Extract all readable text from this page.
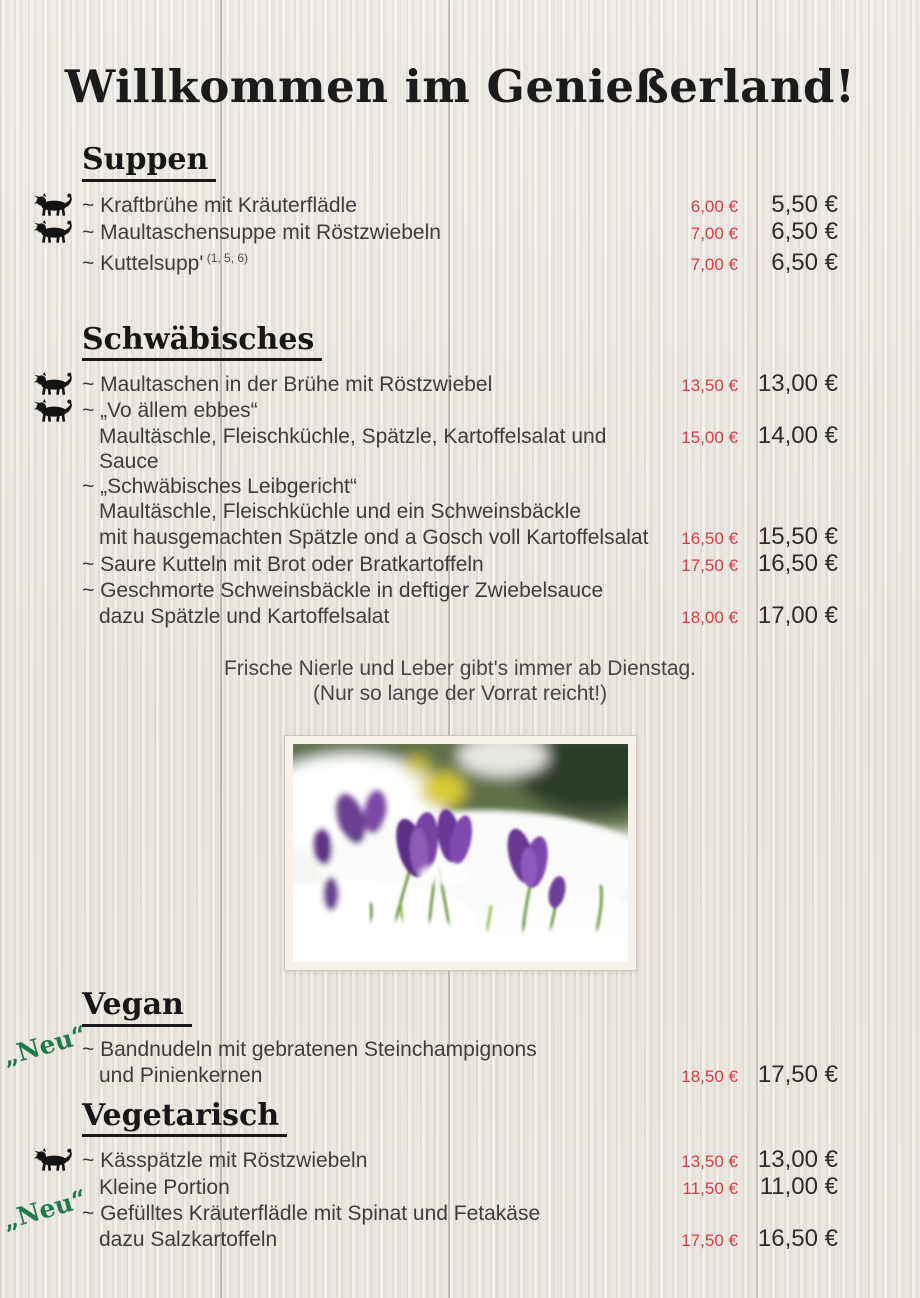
Willkommen im Genießerland!
Suppen
~ Kraftbrühe mit Kräuterflädle	6,00 €	5,50 €
~ Maultaschensuppe mit Röstzwiebeln	7,00 €	6,50 €
~ Kuttelsupp' $^{(1, 5, 6)}$	7,00 €	6,50 €
Schwäbisches
~ Maultaschen in der Brühe mit Röstzwiebel	13,50 € 13,00 €
~ „Vo ällem ebbes“
Maultäschle, Fleischküchle, Spätzle, Kartoffelsalat und Sauce
15,00 € 14,00 €
~ „Schwäbisches Leibgericht“
Maultäschle, Fleischküchle und ein Schweinsbäckle
mit hausgemachten Spätzle ond a Gosch voll Kartoffelsalat	16,50 € 15,50 €
~ Saure Kutteln mit Brot oder Bratkartoffeln	17,50 € 16,50 €
~ Geschmorte Schweinsbäckle in deftiger Zwiebelsauce
dazu Spätzle und Kartoffelsalat	18,00 € 17,00 €
Frische Nierle und Leber gibt's immer ab Dienstag.
(Nur so lange der Vorrat reicht!)
Vegan
„Neu“
~ Bandnudeln mit gebratenen Steinchampignons
und Pinienkernen	18,50 € 17,50 €
Vegetarisch
~ Kässpätzle mit Röstzwiebeln	13,50 € 13,00 €
Kleine Portion	11,50 € 11,00 €
„Neu“
~ Gefülltes Kräuterflädle mit Spinat und Fetakäse
dazu Salzkartoffeln	17,50 € 16,50 €
